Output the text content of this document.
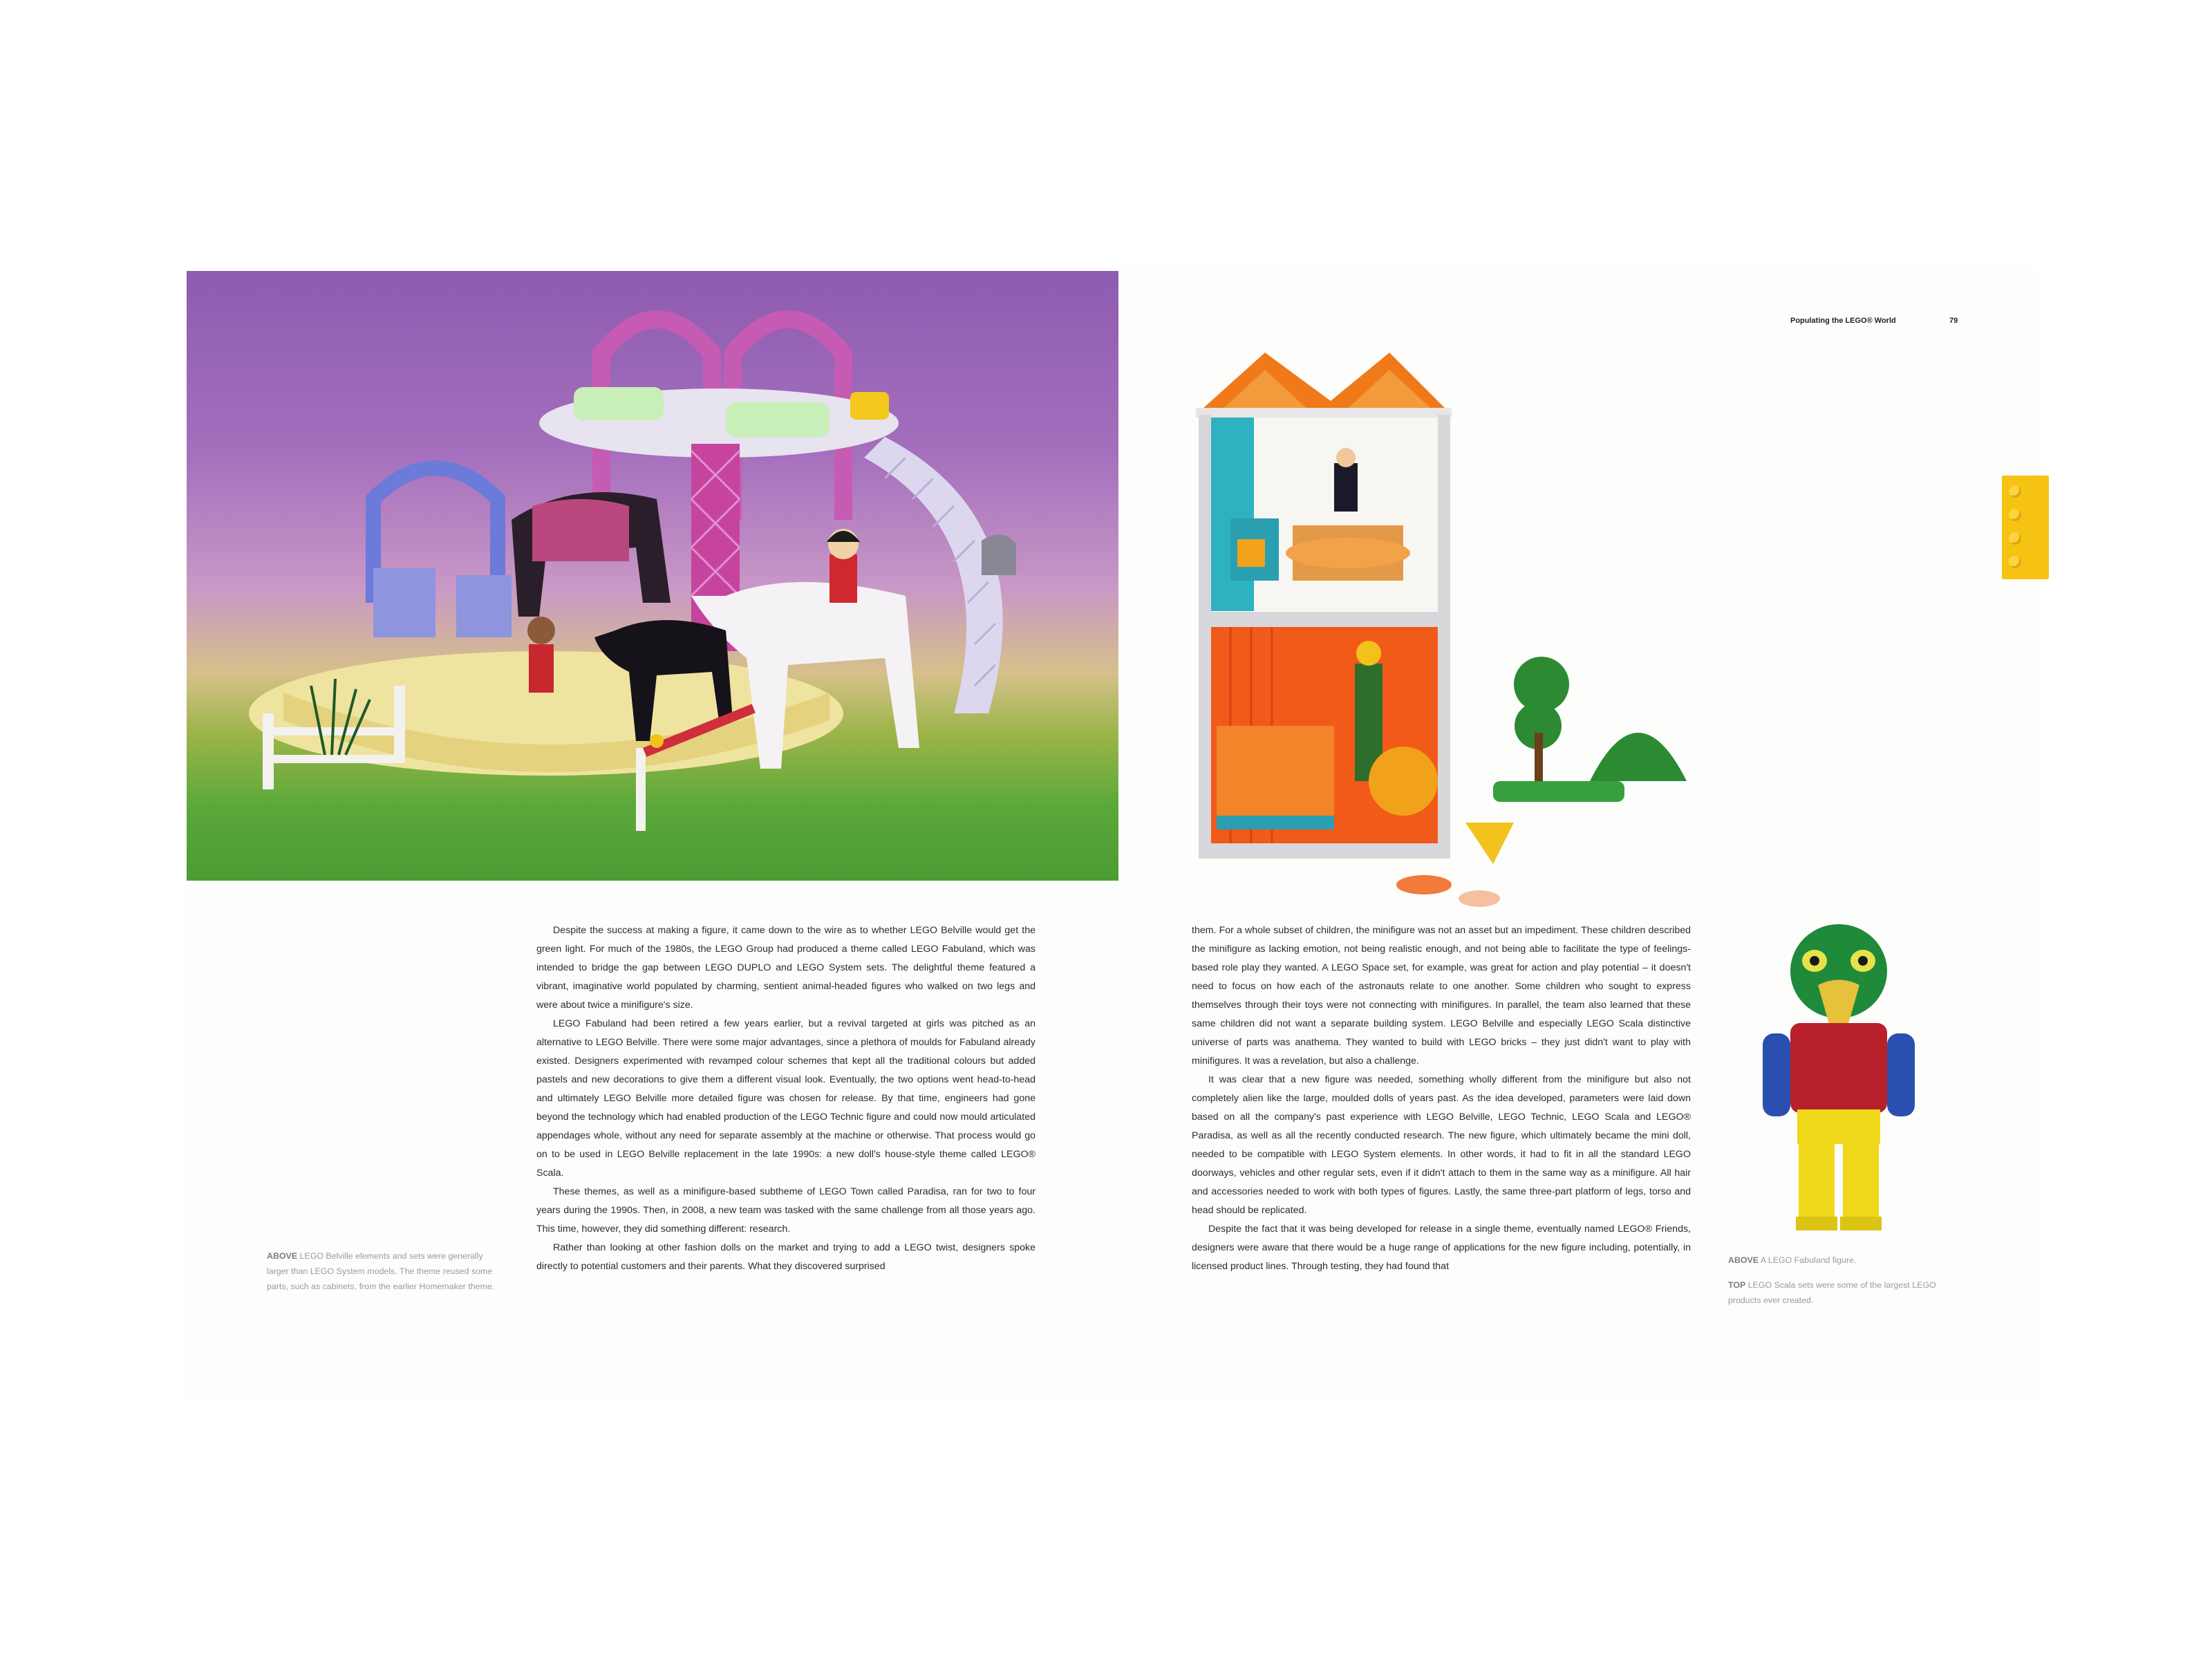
Populating the LEGO® World	79

Despite the success at making a figure, it came down to the wire as to whether LEGO Belville would get the green light. For much of the 1980s, the LEGO Group had produced a theme called LEGO Fabuland, which was intended to bridge the gap between LEGO DUPLO and LEGO System sets. The delightful theme featured a vibrant, imaginative world populated by charming, sentient animal-headed figures who walked on two legs and were about twice a minifigure's size.

LEGO Fabuland had been retired a few years earlier, but a revival targeted at girls was pitched as an alternative to LEGO Belville. There were some major advantages, since a plethora of moulds for Fabuland already existed. Designers experimented with revamped colour schemes that kept all the traditional colours but added pastels and new decorations to give them a different visual look. Eventually, the two options went head-to-head and ultimately LEGO Belville more detailed figure was chosen for release. By that time, engineers had gone beyond the technology which had enabled production of the LEGO Technic figure and could now mould articulated appendages whole, without any need for separate assembly at the machine or otherwise. That process would go on to be used in LEGO Belville replacement in the late 1990s: a new doll's house-style theme called LEGO® Scala.

These themes, as well as a minifigure-based subtheme of LEGO Town called Paradisa, ran for two to four years during the 1990s. Then, in 2008, a new team was tasked with the same challenge from all those years ago. This time, however, they did something different: research.

Rather than looking at other fashion dolls on the market and trying to add a LEGO twist, designers spoke directly to potential customers and their parents. What they discovered surprised

them. For a whole subset of children, the minifigure was not an asset but an impediment. These children described the minifigure as lacking emotion, not being realistic enough, and not being able to facilitate the type of feelings-based role play they wanted. A LEGO Space set, for example, was great for action and play potential – it doesn't need to focus on how each of the astronauts relate to one another. Some children who sought to express themselves through their toys were not connecting with minifigures. In parallel, the team also learned that these same children did not want a separate building system. LEGO Belville and especially LEGO Scala distinctive universe of parts was anathema. They wanted to build with LEGO bricks – they just didn't want to play with minifigures. It was a revelation, but also a challenge.

It was clear that a new figure was needed, something wholly different from the minifigure but also not completely alien like the large, moulded dolls of years past. As the idea developed, parameters were laid down based on all the company's past experience with LEGO Belville, LEGO Technic, LEGO Scala and LEGO® Paradisa, as well as all the recently conducted research. The new figure, which ultimately became the mini doll, needed to be compatible with LEGO System elements. In other words, it had to fit in all the standard LEGO doorways, vehicles and other regular sets, even if it didn't attach to them in the same way as a minifigure. All hair and accessories needed to work with both types of figures. Lastly, the same three-part platform of legs, torso and head should be replicated.

Despite the fact that it was being developed for release in a single theme, eventually named LEGO® Friends, designers were aware that there would be a huge range of applications for the new figure including, potentially, in licensed product lines. Through testing, they had found that

ABOVE LEGO Belville elements and sets were generally larger than LEGO System models. The theme reused some parts, such as cabinets, from the earlier Homemaker theme.
ABOVE A LEGO Fabuland figure.
TOP LEGO Scala sets were some of the largest LEGO products ever created.
